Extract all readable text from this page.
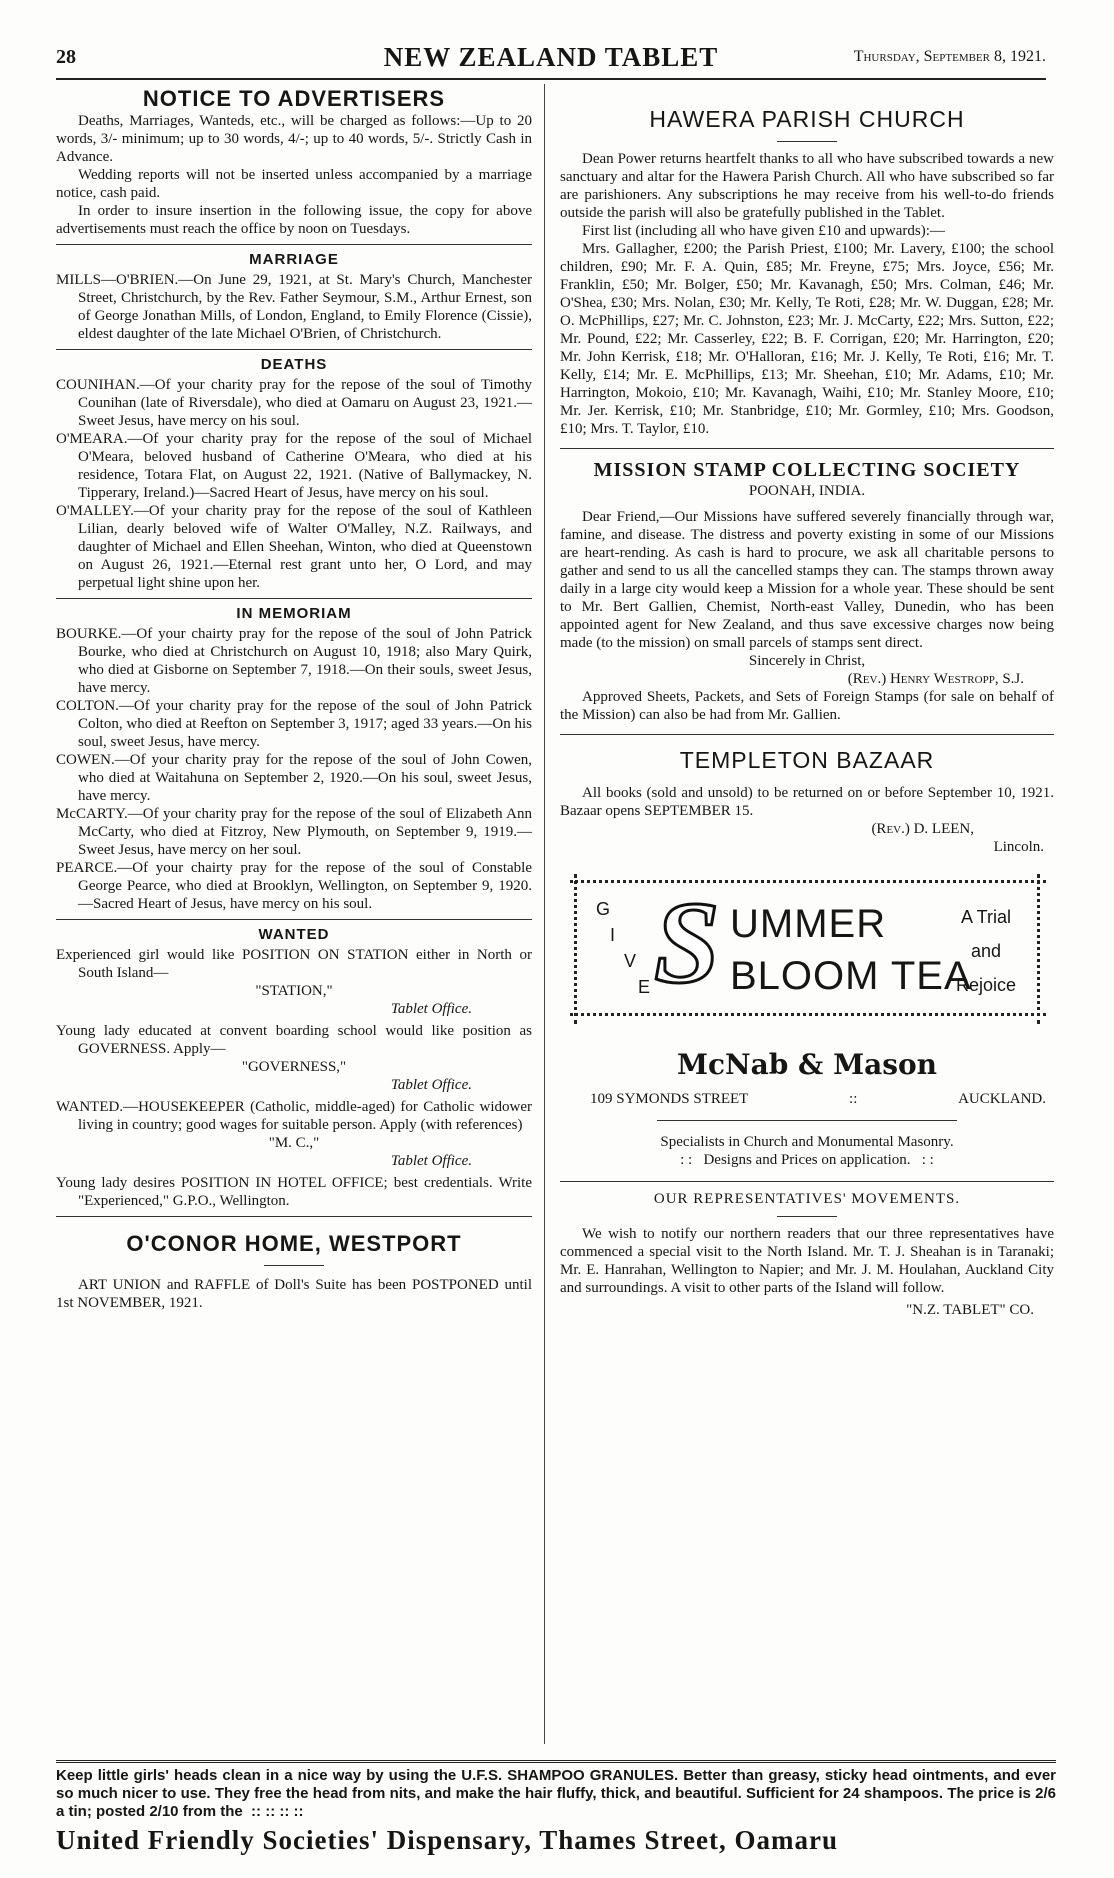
28	NEW ZEALAND TABLET	Thursday, September 8, 1921.
NOTICE TO ADVERTISERS

Deaths, Marriages, Wanteds, etc., will be charged as follows:—Up to 20 words, 3/- minimum; up to 30 words, 4/-; up to 40 words, 5/-. Strictly Cash in Advance.

Wedding reports will not be inserted unless accompanied by a marriage notice, cash paid.

In order to insure insertion in the following issue, the copy for above advertisements must reach the office by noon on Tuesdays.

MARRIAGE

MILLS—O'BRIEN.—On June 29, 1921, at St. Mary's Church, Manchester Street, Christchurch, by the Rev. Father Seymour, S.M., Arthur Ernest, son of George Jonathan Mills, of London, England, to Emily Florence (Cissie), eldest daughter of the late Michael O'Brien, of Christchurch.

DEATHS

COUNIHAN.—Of your charity pray for the repose of the soul of Timothy Counihan (late of Riversdale), who died at Oamaru on August 23, 1921.—Sweet Jesus, have mercy on his soul.

O'MEARA.—Of your charity pray for the repose of the soul of Michael O'Meara, beloved husband of Catherine O'Meara, who died at his residence, Totara Flat, on August 22, 1921. (Native of Ballymackey, N. Tipperary, Ireland.)—Sacred Heart of Jesus, have mercy on his soul.

O'MALLEY.—Of your charity pray for the repose of the soul of Kathleen Lilian, dearly beloved wife of Walter O'Malley, N.Z. Railways, and daughter of Michael and Ellen Sheehan, Winton, who died at Queenstown on August 26, 1921.—Eternal rest grant unto her, O Lord, and may perpetual light shine upon her.

IN MEMORIAM

BOURKE.—Of your chairty pray for the repose of the soul of John Patrick Bourke, who died at Christchurch on August 10, 1918; also Mary Quirk, who died at Gisborne on September 7, 1918.—On their souls, sweet Jesus, have mercy.

COLTON.—Of your charity pray for the repose of the soul of John Patrick Colton, who died at Reefton on September 3, 1917; aged 33 years.—On his soul, sweet Jesus, have mercy.

COWEN.—Of your charity pray for the repose of the soul of John Cowen, who died at Waitahuna on September 2, 1920.—On his soul, sweet Jesus, have mercy.

McCARTY.—Of your charity pray for the repose of the soul of Elizabeth Ann McCarty, who died at Fitzroy, New Plymouth, on September 9, 1919.—Sweet Jesus, have mercy on her soul.

PEARCE.—Of your chairty pray for the repose of the soul of Constable George Pearce, who died at Brooklyn, Wellington, on September 9, 1920.—Sacred Heart of Jesus, have mercy on his soul.

WANTED

Experienced girl would like POSITION ON STATION either in North or South Island—

"STATION,"

Tablet Office.

Young lady educated at convent boarding school would like position as GOVERNESS. Apply—

"GOVERNESS,"

Tablet Office.

WANTED.—HOUSEKEEPER (Catholic, middle-aged) for Catholic widower living in country; good wages for suitable person. Apply (with references)

"M. C.,"

Tablet Office.

Young lady desires POSITION IN HOTEL OFFICE; best credentials. Write "Experienced," G.P.O., Wellington.

O'CONOR HOME, WESTPORT

ART UNION and RAFFLE of Doll's Suite has been POSTPONED until 1st NOVEMBER, 1921.

HAWERA PARISH CHURCH

Dean Power returns heartfelt thanks to all who have subscribed towards a new sanctuary and altar for the Hawera Parish Church. All who have subscribed so far are parishioners. Any subscriptions he may receive from his well-to-do friends outside the parish will also be gratefully published in the Tablet.

First list (including all who have given £10 and upwards):—

Mrs. Gallagher, £200; the Parish Priest, £100; Mr. Lavery, £100; the school children, £90; Mr. F. A. Quin, £85; Mr. Freyne, £75; Mrs. Joyce, £56; Mr. Franklin, £50; Mr. Bolger, £50; Mr. Kavanagh, £50; Mrs. Colman, £46; Mr. O'Shea, £30; Mrs. Nolan, £30; Mr. Kelly, Te Roti, £28; Mr. W. Duggan, £28; Mr. O. McPhillips, £27; Mr. C. Johnston, £23; Mr. J. McCarty, £22; Mrs. Sutton, £22; Mr. Pound, £22; Mr. Casserley, £22; B. F. Corrigan, £20; Mr. Harrington, £20; Mr. John Kerrisk, £18; Mr. O'Halloran, £16; Mr. J. Kelly, Te Roti, £16; Mr. T. Kelly, £14; Mr. E. McPhillips, £13; Mr. Sheehan, £10; Mr. Adams, £10; Mr. Harrington, Mokoio, £10; Mr. Kavanagh, Waihi, £10; Mr. Stanley Moore, £10; Mr. Jer. Kerrisk, £10; Mr. Stanbridge, £10; Mr. Gormley, £10; Mrs. Goodson, £10; Mrs. T. Taylor, £10.

MISSION STAMP COLLECTING SOCIETY

POONAH, INDIA.

Dear Friend,—Our Missions have suffered severely financially through war, famine, and disease. The distress and poverty existing in some of our Missions are heart-rending. As cash is hard to procure, we ask all charitable persons to gather and send to us all the cancelled stamps they can. The stamps thrown away daily in a large city would keep a Mission for a whole year. These should be sent to Mr. Bert Gallien, Chemist, North-east Valley, Dunedin, who has been appointed agent for New Zealand, and thus save excessive charges now being made (to the mission) on small parcels of stamps sent direct.

Sincerely in Christ,

(Rev.) Henry Westropp, S.J.

Approved Sheets, Packets, and Sets of Foreign Stamps (for sale on behalf of the Mission) can also be had from Mr. Gallien.

TEMPLETON BAZAAR

All books (sold and unsold) to be returned on or before September 10, 1921. Bazaar opens SEPTEMBER 15.

(Rev.) D. LEEN,

Lincoln.

G
I
V
E S UMMER
BLOOM TEA
A Trial
and
Rejoice
McNab & Mason
109 SYMONDS STREET	::	AUCKLAND.

Specialists in Church and Monumental Masonry.

: : Designs and Prices on application. : :

OUR REPRESENTATIVES' MOVEMENTS.

We wish to notify our northern readers that our three representatives have commenced a special visit to the North Island. Mr. T. J. Sheahan is in Taranaki; Mr. E. Hanrahan, Wellington to Napier; and Mr. J. M. Houlahan, Auckland City and surroundings. A visit to other parts of the Island will follow.

"N.Z. TABLET" CO.

Keep little girls' heads clean in a nice way by using the U.F.S. SHAMPOO GRANULES. Better than greasy, sticky head ointments, and ever so much nicer to use. They free the head from nits, and make the hair fluffy, thick, and beautiful. Sufficient for 24 shampoos. The price is 2/6 a tin; posted 2/10 from the :: :: :: ::

United Friendly Societies' Dispensary, Thames Street, Oamaru
